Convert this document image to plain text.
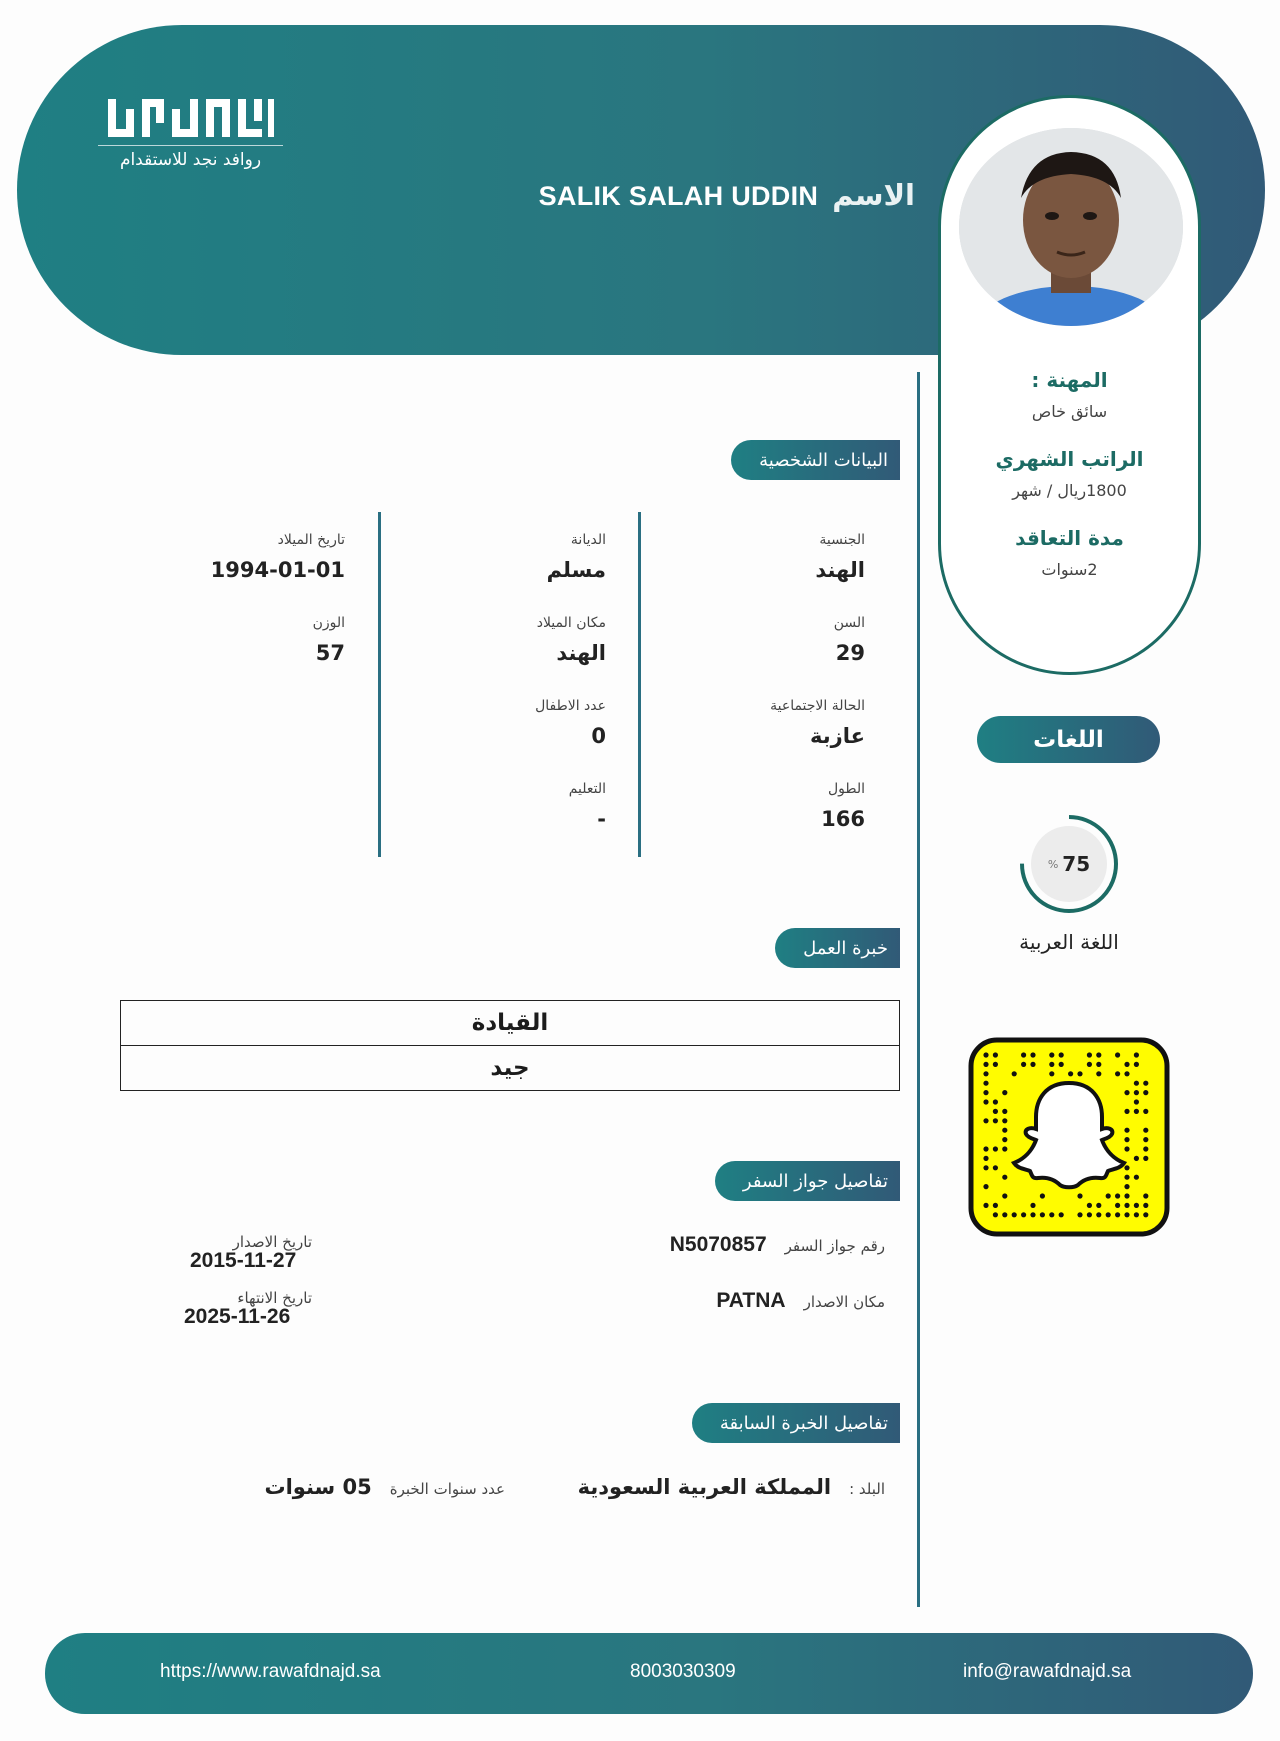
روافد نجد للاستقدام
الاسم
SALIK SALAH UDDIN
المهنة :
سائق خاص
الراتب الشهري
1800ريال / شهر
مدة التعاقد
2سنوات
اللغات
% 75
اللغة العربية
البيانات الشخصية
الجنسية
الهند
الديانة
مسلم
تاريخ الميلاد
1994-01-01
السن
29
مكان الميلاد
الهند
الوزن
57
الحالة الاجتماعية
عازبة
عدد الاطفال
0
الطول
166
التعليم
-
خبرة العمل
القيادة
جيد
تفاصيل جواز السفر
رقم جواز السفر
N5070857
مكان الاصدار
PATNA
تاريخ الاصدار
2015-11-27
تاريخ الانتهاء
2025-11-26
تفاصيل الخبرة السابقة
البلد :
المملكة العربية السعودية
عدد سنوات الخبرة
05 سنوات
https://www.rawafdnajd.sa	8003030309	info@rawafdnajd.sa
